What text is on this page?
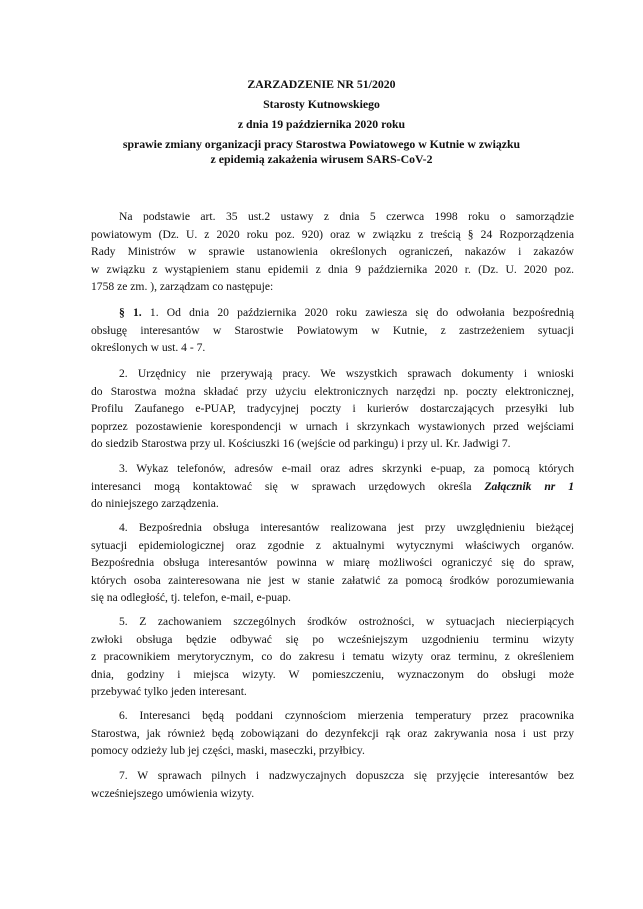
ZARZADZENIE NR 51/2020
Starosty Kutnowskiego
z dnia 19 października 2020 roku
sprawie zmiany organizacji pracy Starostwa Powiatowego w Kutnie w związku
z epidemią zakażenia wirusem SARS-CoV-2
Na podstawie art. 35 ust.2 ustawy z dnia 5 czerwca 1998 roku o samorządzie
powiatowym (Dz. U. z 2020 roku poz. 920) oraz w związku z treścią § 24 Rozporządzenia
Rady Ministrów w sprawie ustanowienia określonych ograniczeń, nakazów i zakazów
w związku z wystąpieniem stanu epidemii z dnia 9 października 2020 r. (Dz. U. 2020 poz.
1758 ze zm. ), zarządzam co następuje:
§ 1. 1. Od dnia 20 października 2020 roku zawiesza się do odwołania bezpośrednią
obsługę interesantów w Starostwie Powiatowym w Kutnie, z zastrzeżeniem sytuacji
określonych w ust. 4 - 7.
2. Urzędnicy nie przerywają pracy. We wszystkich sprawach dokumenty i wnioski
do Starostwa można składać przy użyciu elektronicznych narzędzi np. poczty elektronicznej,
Profilu Zaufanego e-PUAP, tradycyjnej poczty i kurierów dostarczających przesyłki lub
poprzez pozostawienie korespondencji w urnach i skrzynkach wystawionych przed wejściami
do siedzib Starostwa przy ul. Kościuszki 16 (wejście od parkingu) i przy ul. Kr. Jadwigi 7.
3. Wykaz telefonów, adresów e-mail oraz adres skrzynki e-puap, za pomocą których
interesanci mogą kontaktować się w sprawach urzędowych określa Załącznik nr 1
do niniejszego zarządzenia.
4. Bezpośrednia obsługa interesantów realizowana jest przy uwzględnieniu bieżącej
sytuacji epidemiologicznej oraz zgodnie z aktualnymi wytycznymi właściwych organów.
Bezpośrednia obsługa interesantów powinna w miarę możliwości ograniczyć się do spraw,
których osoba zainteresowana nie jest w stanie załatwić za pomocą środków porozumiewania
się na odległość, tj. telefon, e-mail, e-puap.
5. Z zachowaniem szczególnych środków ostrożności, w sytuacjach niecierpiących
zwłoki obsługa będzie odbywać się po wcześniejszym uzgodnieniu terminu wizyty
z pracownikiem merytorycznym, co do zakresu i tematu wizyty oraz terminu, z określeniem
dnia, godziny i miejsca wizyty. W pomieszczeniu, wyznaczonym do obsługi może
przebywać tylko jeden interesant.
6. Interesanci będą poddani czynnościom mierzenia temperatury przez pracownika
Starostwa, jak również będą zobowiązani do dezynfekcji rąk oraz zakrywania nosa i ust przy
pomocy odzieży lub jej części, maski, maseczki, przyłbicy.
7. W sprawach pilnych i nadzwyczajnych dopuszcza się przyjęcie interesantów bez
wcześniejszego umówienia wizyty.
